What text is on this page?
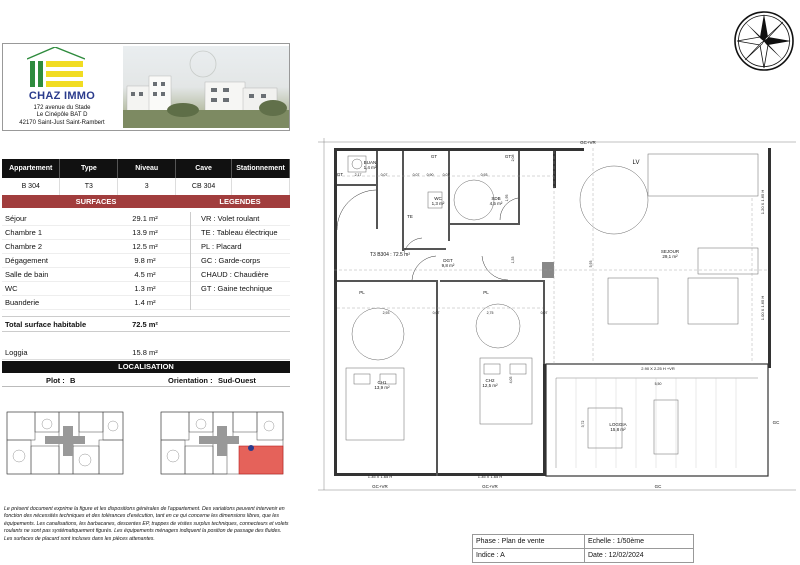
CHAZ IMMO
172 avenue du Stade
Le Cinépôle BAT D
42170 Saint-Just Saint-Rambert
Appartement	Type	Niveau	Cave	Stationnement
B 304	T3	3	CB 304	
SURFACES	LEGENDES
Séjour	29.1 m²	VR : Volet roulant
Chambre 1	13.9 m²	TE : Tableau électrique
Chambre 2	12.5 m²	PL : Placard
Dégagement	9.8 m²	GC : Garde-corps
Salle de bain	4.5 m²	CHAUD : Chaudière
WC	1.3 m²	GT : Gaine technique
Buanderie	1.4 m²
Total surface habitable	72.5 m²
Loggia	15.8 m²
LOCALISATION
Plot : B	Orientation : Sud-Ouest
Le présent document exprime la figure et les dispositions générales de l'appartement. Des variations peuvent intervenir en fonction des nécessités techniques et des tolérances d'exécution, tant en ce qui concerne les dimensions libres, que les équipements. Les canalisations, les barbacanes, descentes EP, trappes de visites surplus techniques, connecteurs et volets roulants ne sont pas systématiquement figurés. Les équipements ménagers indiquent la position de passage des fluides. Les surfaces de placard sont incluses dans les pièces attenantes.
BUAN
1,4 m²
WC
1,3 m²
SDB
4,5 m²
DGT
9,8 m²
SEJOUR
29,1 m²
CH1
13,9 m²
CH2
12,5 m²
LOGGIA
15,8 m²
T3 B304 : 72.5 m²
GT
GT	GT
TE
PL	PL
LV
GC
GC
GC+VR	GC+VR
GC+VR
1.35 X 1.65 H	1.35 X 1.65 H
2.90 X 2.25 H +VR
1.20 X 1.65 H
1.00 X 1.65 H
2,17	0,07	0,90	0,07	0,93
1,95
2,08
2,93	0,07	2,75	0,07
5,93
3,72
4,05
1,33
0,07
5,50
Phase : Plan de vente	Echelle : 1/50ème
Indice : A	Date : 12/02/2024
